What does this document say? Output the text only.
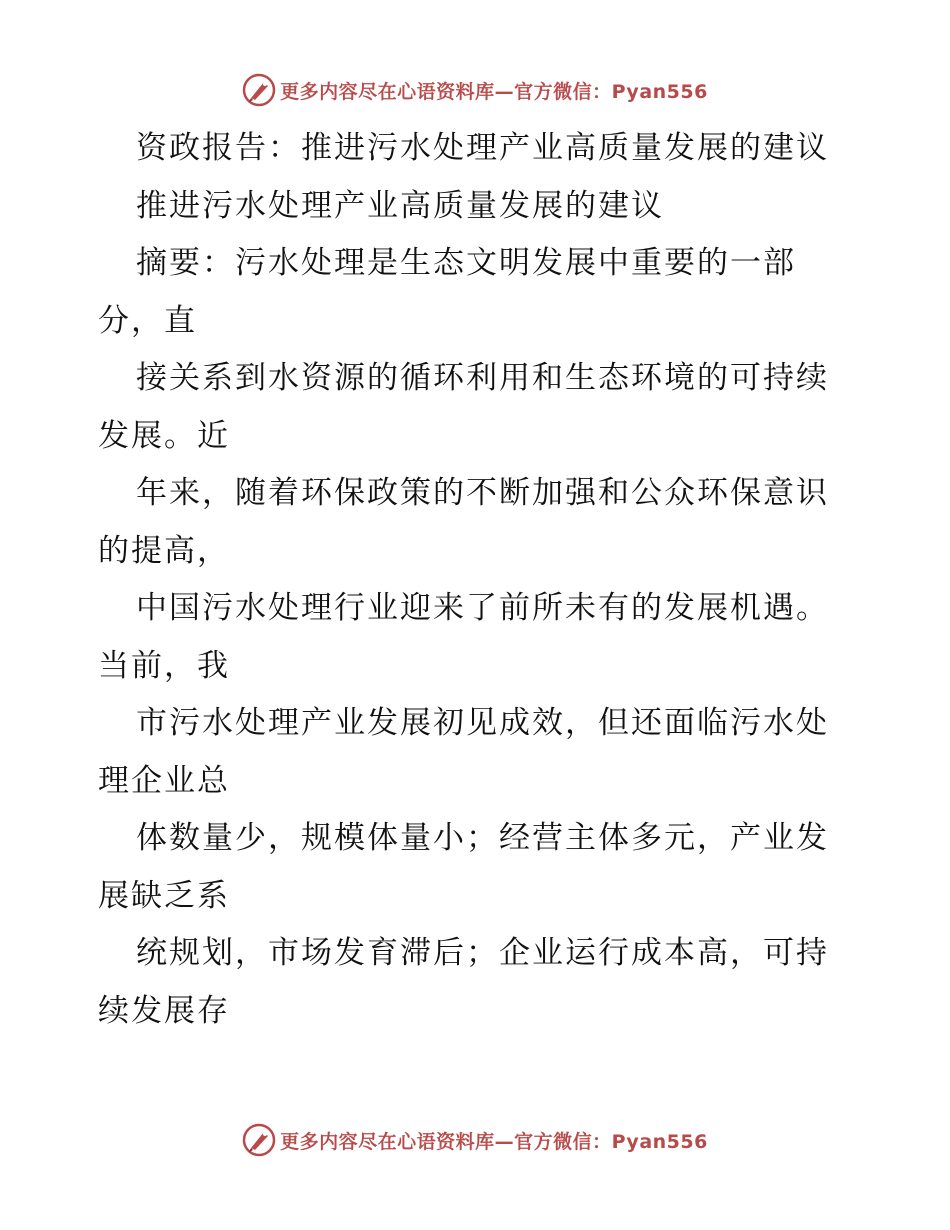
更多内容尽在心语资料库—官方微信：Pyan556
资政报告：推进污水处理产业高质量发展的建议
推进污水处理产业高质量发展的建议
摘要：污水处理是生态文明发展中重要的一部
分，直
接关系到水资源的循环利用和生态环境的可持续
发展。近
年来，随着环保政策的不断加强和公众环保意识
的提高，
中国污水处理行业迎来了前所未有的发展机遇。
当前，我
市污水处理产业发展初见成效，但还面临污水处
理企业总
体数量少，规模体量小；经营主体多元，产业发
展缺乏系
统规划，市场发育滞后；企业运行成本高，可持
续发展存
更多内容尽在心语资料库—官方微信：Pyan556
